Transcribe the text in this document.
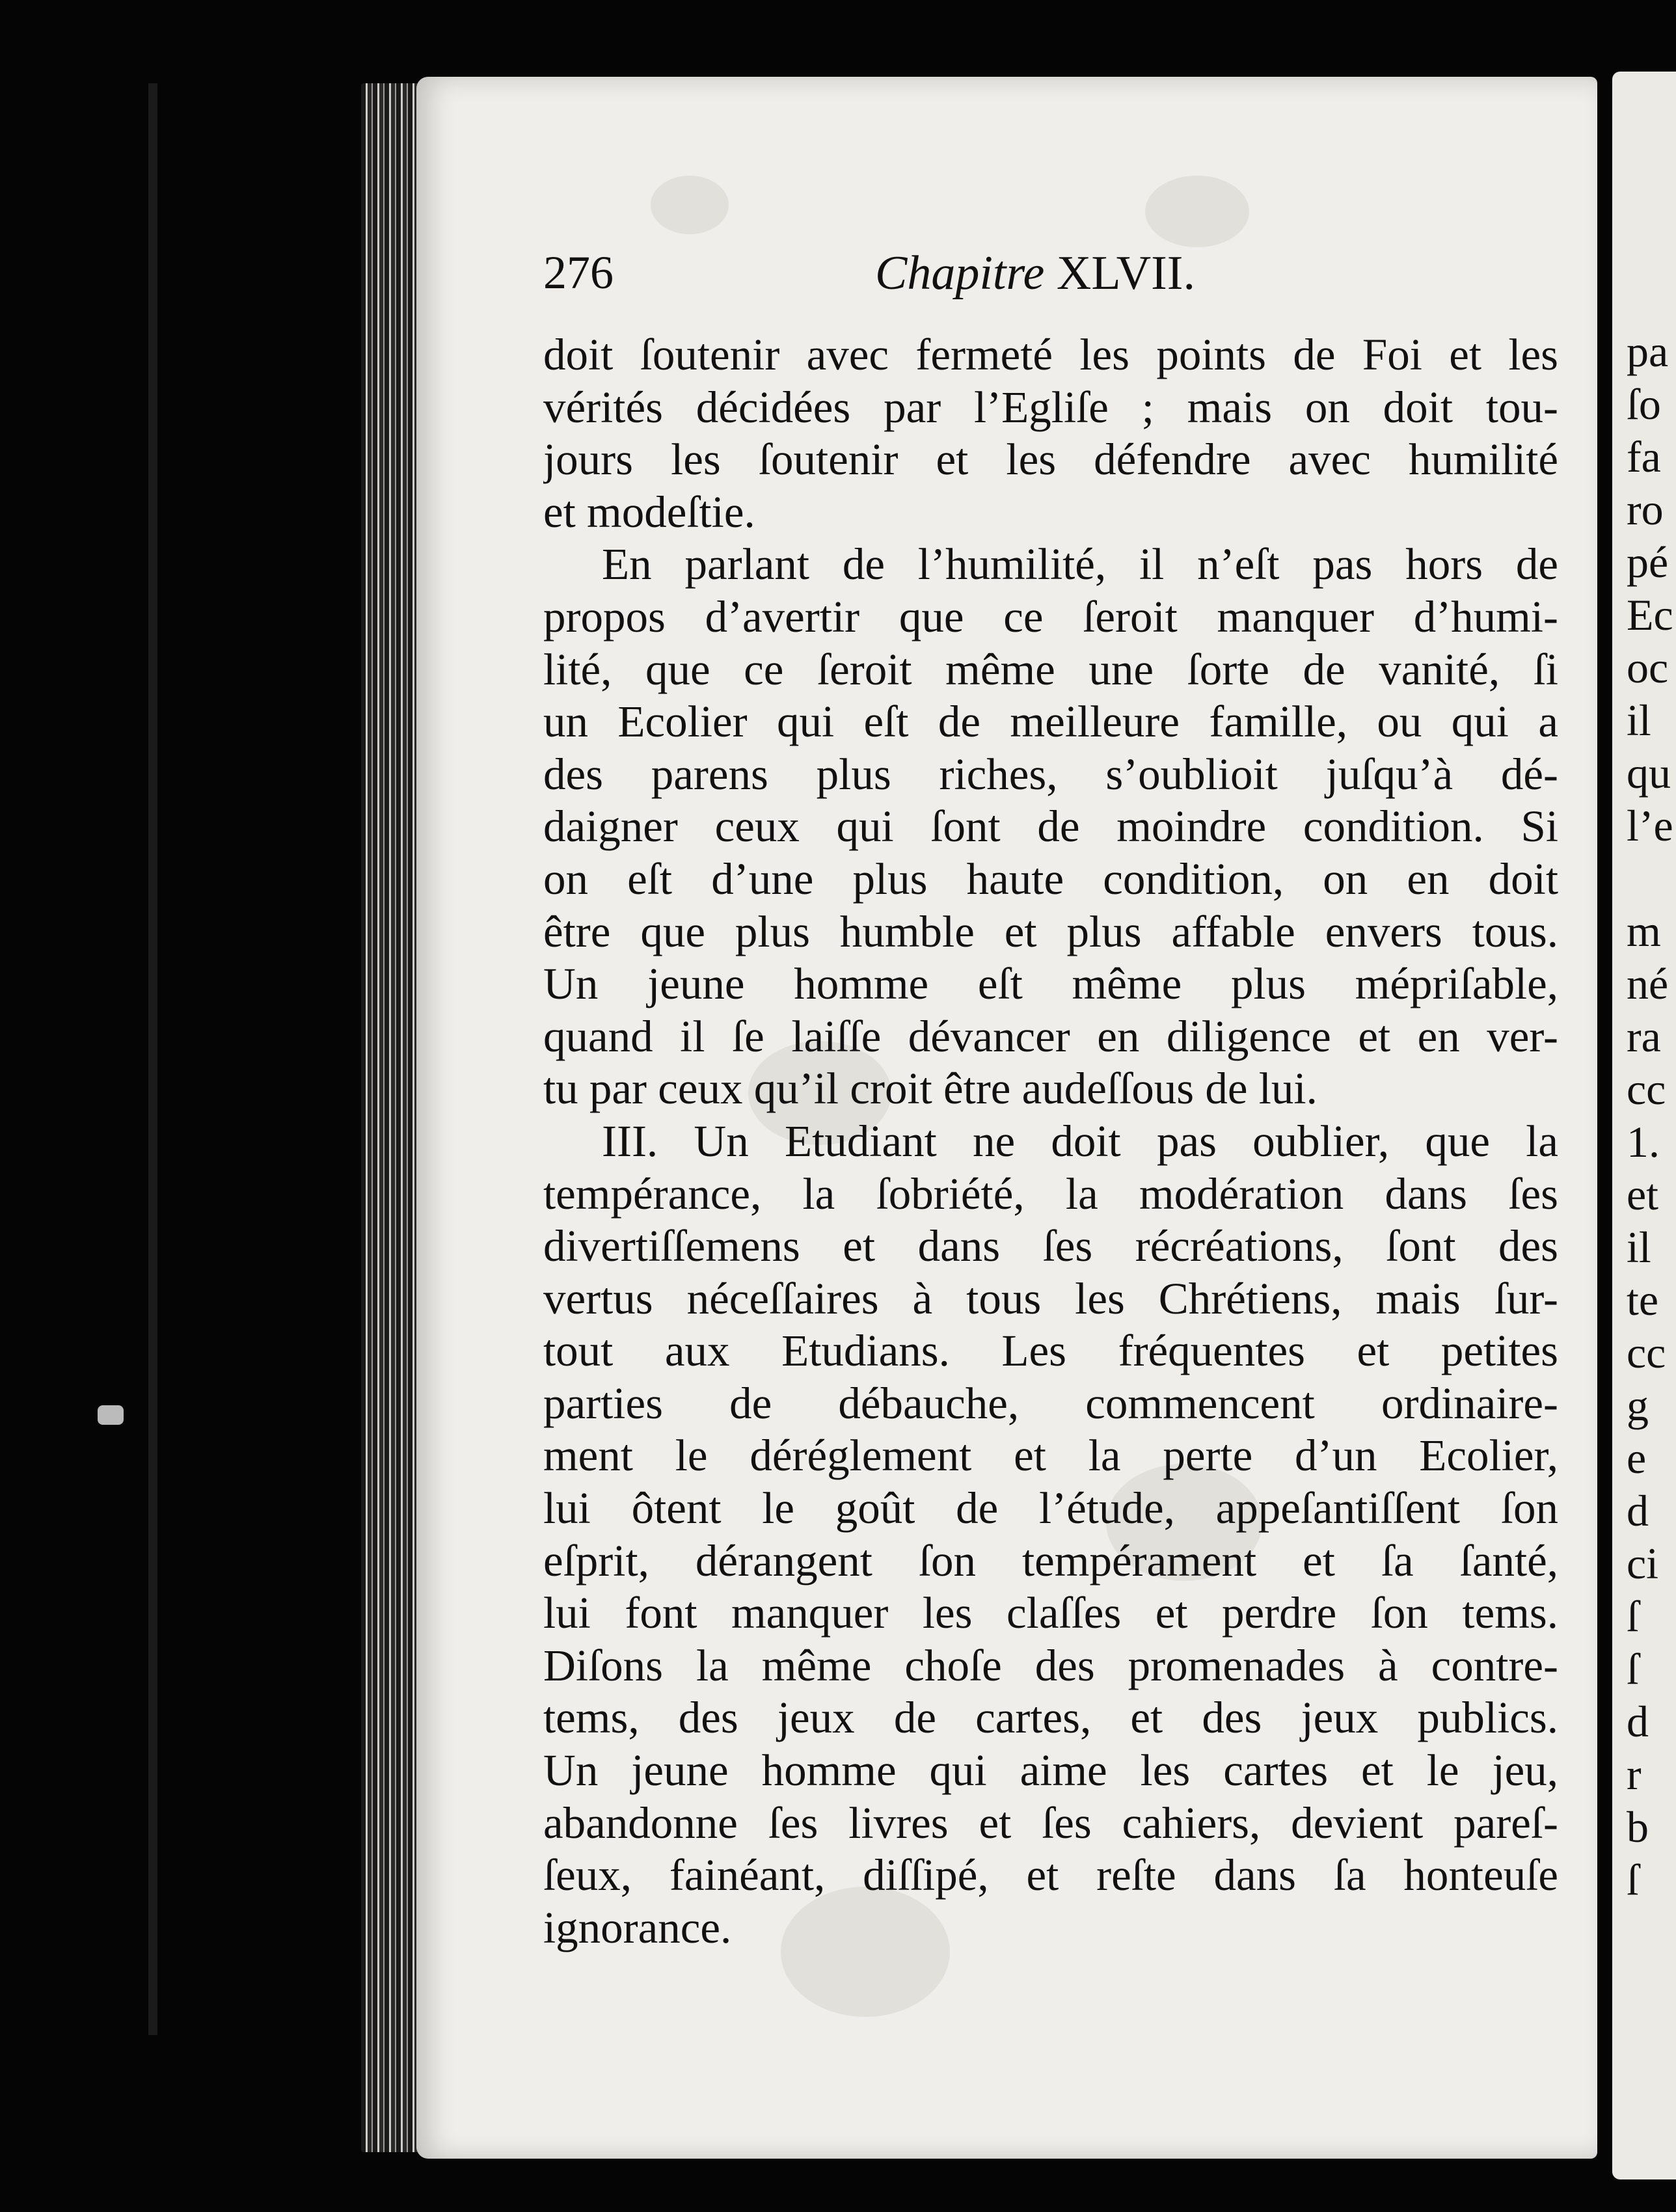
276	Chapitre XLVII.
doit ſoutenir avec fermeté les points de Foi et les
vérités décidées par l’Egliſe ; mais on doit tou-
jours les ſoutenir et les défendre avec humilité
et modeſtie.
En parlant de l’humilité, il n’eſt pas hors de
propos d’avertir que ce ſeroit manquer d’humi-
lité, que ce ſeroit même une ſorte de vanité, ſi
un Ecolier qui eſt de meilleure famille, ou qui a
des parens plus riches, s’oublioit juſqu’à dé-
daigner ceux qui ſont de moindre condition. Si
on eſt d’une plus haute condition, on en doit
être que plus humble et plus affable envers tous.
Un jeune homme eſt même plus mépriſable,
quand il ſe laiſſe dévancer en diligence et en ver-
tu par ceux qu’il croit être audeſſous de lui.
III. Un Etudiant ne doit pas oublier, que la
tempérance, la ſobriété, la modération dans ſes
divertiſſemens et dans ſes récréations, ſont des
vertus néceſſaires à tous les Chrétiens, mais ſur-
tout aux Etudians. Les fréquentes et petites
parties de débauche, commencent ordinaire-
ment le déréglement et la perte d’un Ecolier,
lui ôtent le goût de l’étude, appeſantiſſent ſon
eſprit, dérangent ſon tempérament et ſa ſanté,
lui font manquer les claſſes et perdre ſon tems.
Diſons la même choſe des promenades à contre-
tems, des jeux de cartes, et des jeux publics.
Un jeune homme qui aime les cartes et le jeu,
abandonne ſes livres et ſes cahiers, devient pareſ-
ſeux, fainéant, diſſipé, et reſte dans ſa honteuſe
ignorance.
pa
ſo
fa
ro
pé
Ec
oc
il
qu
l’e
m
né
ra
cc
1.
et
il
te
cc
g
e
d
ci
ſ
ſ
d
r
b
ſ
